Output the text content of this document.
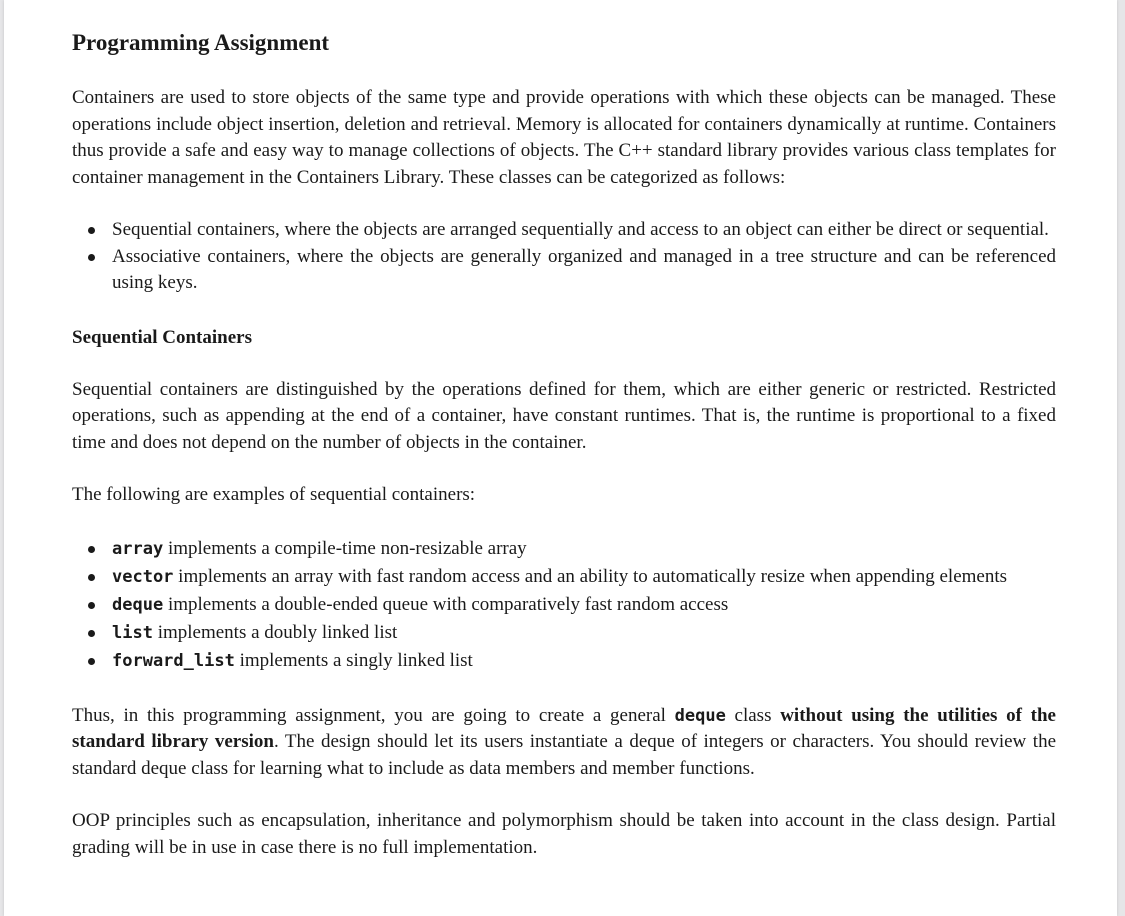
Programming Assignment

Containers are used to store objects of the same type and provide operations with which these objects can be managed. These operations include object insertion, deletion and retrieval. Memory is allocated for containers dynamically at runtime. Containers thus provide a safe and easy way to manage collections of objects. The C++ standard library provides various class templates for container management in the Containers Library. These classes can be categorized as follows:

Sequential containers, where the objects are arranged sequentially and access to an object can either be direct or sequential.
Associative containers, where the objects are generally organized and managed in a tree structure and can be referenced using keys.
Sequential Containers

Sequential containers are distinguished by the operations defined for them, which are either generic or restricted. Restricted operations, such as appending at the end of a container, have constant runtimes. That is, the runtime is proportional to a fixed time and does not depend on the number of objects in the container.

The following are examples of sequential containers:

array implements a compile-time non-resizable array
vector implements an array with fast random access and an ability to automatically resize when appending elements
deque implements a double-ended queue with comparatively fast random access
list implements a doubly linked list
forward_list implements a singly linked list

Thus, in this programming assignment, you are going to create a general deque class without using the utilities of the standard library version. The design should let its users instantiate a deque of integers or characters. You should review the standard deque class for learning what to include as data members and member functions.

OOP principles such as encapsulation, inheritance and polymorphism should be taken into account in the class design. Partial grading will be in use in case there is no full implementation.
